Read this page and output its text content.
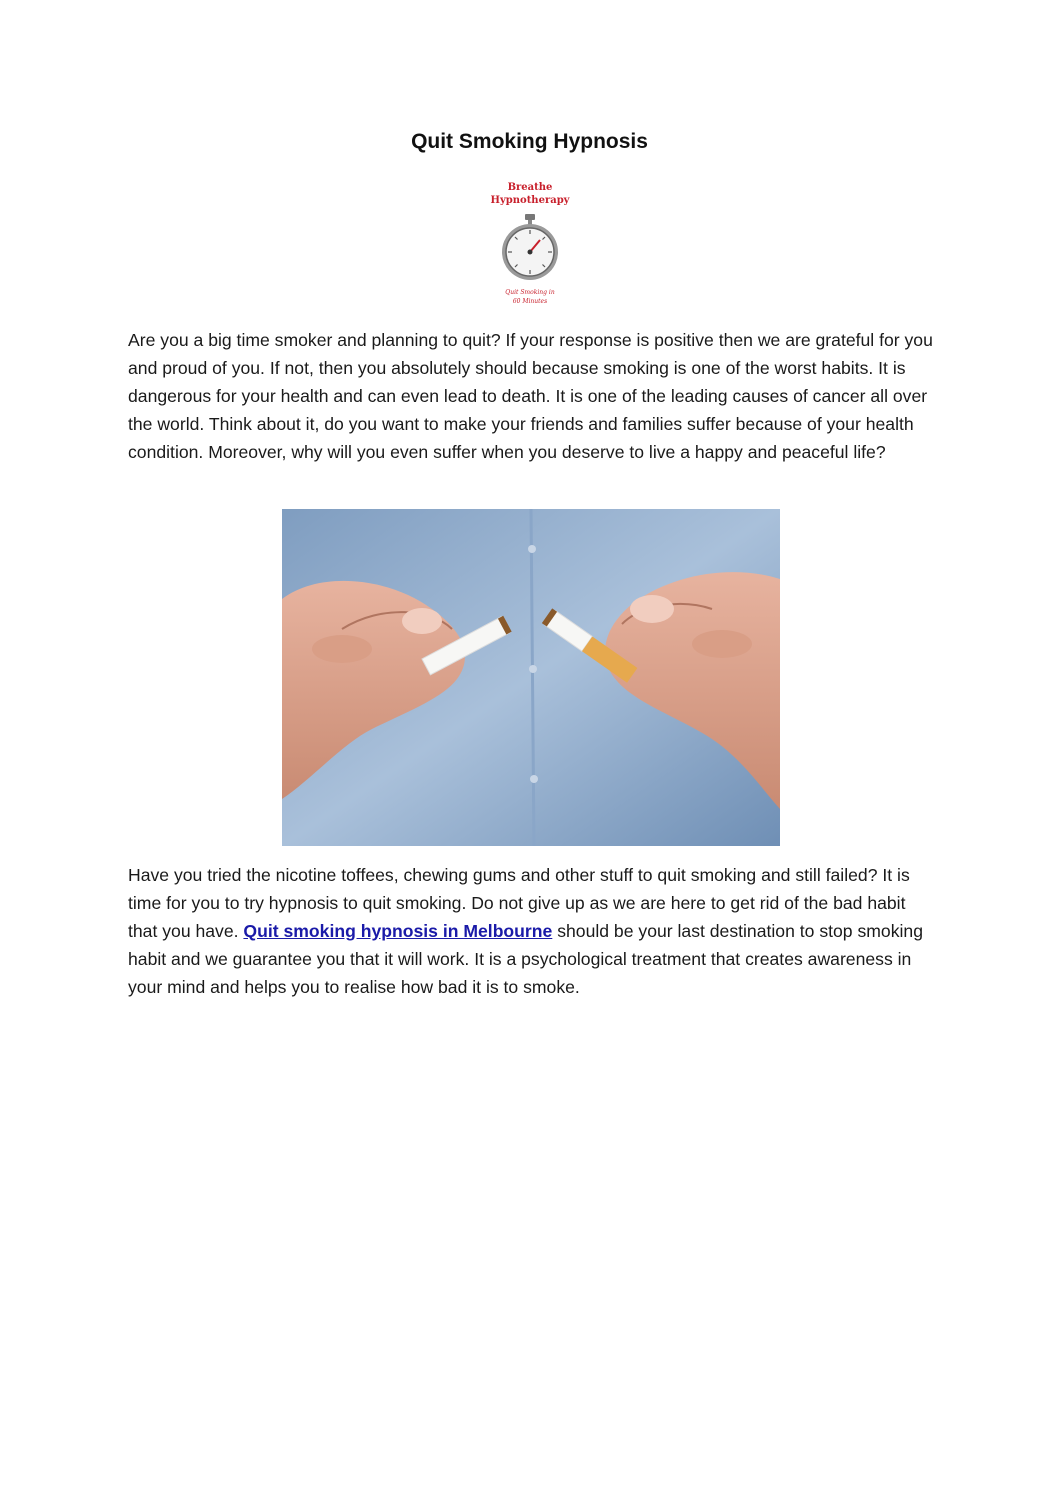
Quit Smoking Hypnosis
Breathe
Hypnotherapy
Quit Smoking in
60 Minutes

Are you a big time smoker and planning to quit? If your response is positive then we are grateful for you and proud of you. If not, then you absolutely should because smoking is one of the worst habits. It is dangerous for your health and can even lead to death. It is one of the leading causes of cancer all over the world. Think about it, do you want to make your friends and families suffer because of your health condition. Moreover, why will you even suffer when you deserve to live a happy and peaceful life?

Have you tried the nicotine toffees, chewing gums and other stuff to quit smoking and still failed? It is time for you to try hypnosis to quit smoking. Do not give up as we are here to get rid of the bad habit that you have. Quit smoking hypnosis in Melbourne should be your last destination to stop smoking habit and we guarantee you that it will work. It is a psychological treatment that creates awareness in your mind and helps you to realise how bad it is to smoke.
